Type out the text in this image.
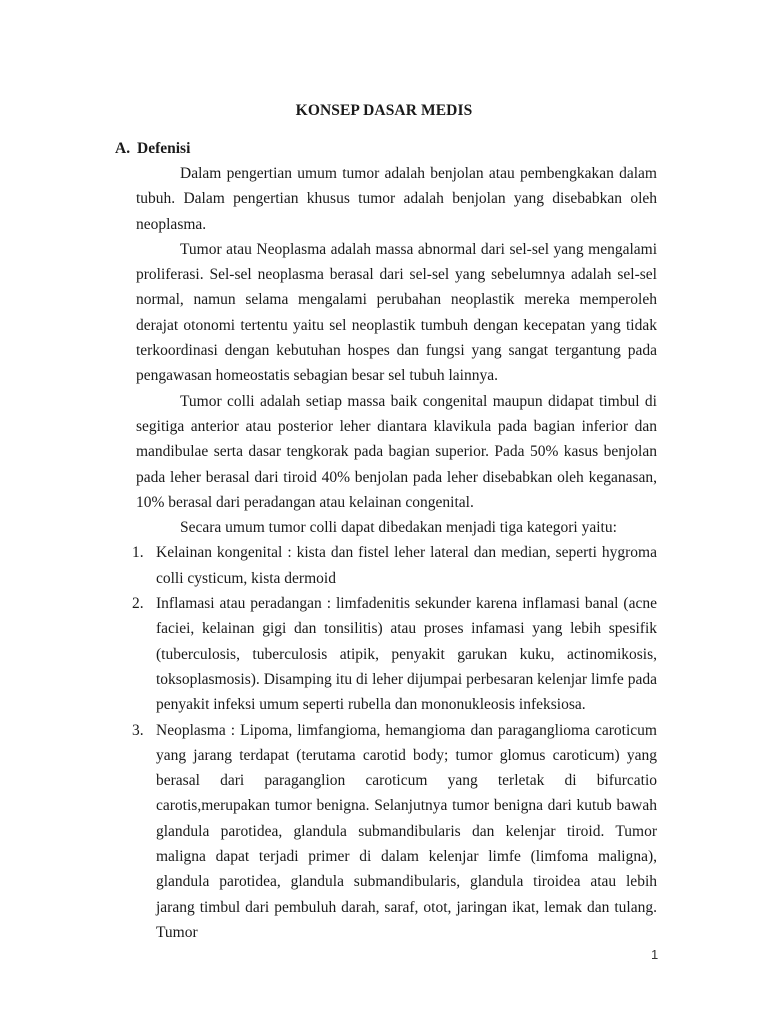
KONSEP DASAR MEDIS
A. Defenisi

Dalam pengertian umum tumor adalah benjolan atau pembengkakan dalam tubuh. Dalam pengertian khusus tumor adalah benjolan yang disebabkan oleh neoplasma.

Tumor atau Neoplasma adalah massa abnormal dari sel-sel yang mengalami proliferasi. Sel-sel neoplasma berasal dari sel-sel yang sebelumnya adalah sel-sel normal, namun selama mengalami perubahan neoplastik mereka memperoleh derajat otonomi tertentu yaitu sel neoplastik tumbuh dengan kecepatan yang tidak terkoordinasi dengan kebutuhan hospes dan fungsi yang sangat tergantung pada pengawasan homeostatis sebagian besar sel tubuh lainnya.

Tumor colli adalah setiap massa baik congenital maupun didapat timbul di segitiga anterior atau posterior leher diantara klavikula pada bagian inferior dan mandibulae serta dasar tengkorak pada bagian superior. Pada 50% kasus benjolan pada leher berasal dari tiroid 40% benjolan pada leher disebabkan oleh keganasan, 10% berasal dari peradangan atau kelainan congenital.

Secara umum tumor colli dapat dibedakan menjadi tiga kategori yaitu:

1. Kelainan kongenital : kista dan fistel leher lateral dan median, seperti hygroma colli cysticum, kista dermoid
2. Inflamasi atau peradangan : limfadenitis sekunder karena inflamasi banal (acne faciei, kelainan gigi dan tonsilitis) atau proses infamasi yang lebih spesifik (tuberculosis, tuberculosis atipik, penyakit garukan kuku, actinomikosis, toksoplasmosis). Disamping itu di leher dijumpai perbesaran kelenjar limfe pada penyakit infeksi umum seperti rubella dan mononukleosis infeksiosa.
3. Neoplasma : Lipoma, limfangioma, hemangioma dan paraganglioma caroticum yang jarang terdapat (terutama carotid body; tumor glomus caroticum) yang berasal dari paraganglion caroticum yang terletak di bifurcatio carotis,merupakan tumor benigna. Selanjutnya tumor benigna dari kutub bawah glandula parotidea, glandula submandibularis dan kelenjar tiroid. Tumor maligna dapat terjadi primer di dalam kelenjar limfe (limfoma maligna), glandula parotidea, glandula submandibularis, glandula tiroidea atau lebih jarang timbul dari pembuluh darah, saraf, otot, jaringan ikat, lemak dan tulang. Tumor
1
